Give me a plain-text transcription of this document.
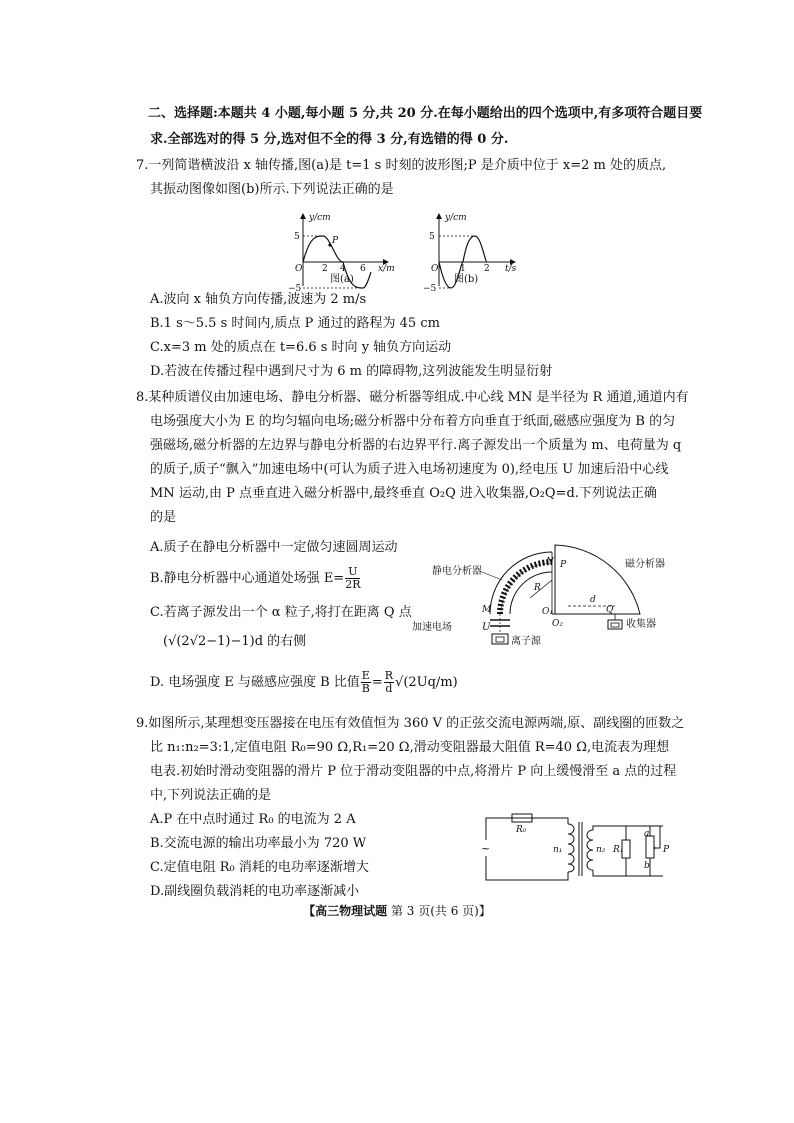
二、选择题:本题共 4 小题,每小题 5 分,共 20 分.在每小题给出的四个选项中,有多项符合题目要
求.全部选对的得 5 分,选对但不全的得 3 分,有选错的得 0 分.
7.一列简谐横波沿 x 轴传播,图(a)是 t=1 s 时刻的波形图;P 是介质中位于 x=2 m 处的质点,
其振动图像如图(b)所示.下列说法正确的是
y/cm
x/m
5
−5
O 2 4 6
P
图(a)
y/cm
t/s
5
−5
O 1 2
图(b)
A.波向 x 轴负方向传播,波速为 2 m/s
B.1 s～5.5 s 时间内,质点 P 通过的路程为 45 cm
C.x=3 m 处的质点在 t=6.6 s 时向 y 轴负方向运动
D.若波在传播过程中遇到尺寸为 6 m 的障碍物,这列波能发生明显衍射
8.某种质谱仪由加速电场、静电分析器、磁分析器等组成.中心线 MN 是半径为 R 通道,通道内有
电场强度大小为 E 的均匀辐向电场;磁分析器中分布着方向垂直于纸面,磁感应强度为 B 的匀
强磁场,磁分析器的左边界与静电分析器的右边界平行.离子源发出一个质量为 m、电荷量为 q
的质子,质子“飘入”加速电场中(可认为质子进入电场初速度为 0),经电压 U 加速后沿中心线
MN 运动,由 P 点垂直进入磁分析器中,最终垂直 O₂Q 进入收集器,O₂Q=d.下列说法正确
的是
A.质子在静电分析器中一定做匀速圆周运动
B.静电分析器中心通道处场强 $E= \frac{U}{2R}$
C.若离子源发出一个 α 粒子,将打在距离 Q 点
(√(2√2−1)−1)d 的右侧
D. 电场强度 E 与磁感应强度 B 比值 $\frac{E}{B} = \frac{R}{d} √(2Uq/m)$
静电分析器
磁分析器
加速电场	U
离子源
收集器
N P
M
R
O₁
O₂
Q
d
9.如图所示,某理想变压器接在电压有效值恒为 360 V 的正弦交流电源两端,原、副线圈的匝数之
比 n₁:n₂=3:1,定值电阻 R₀=90 Ω,R₁=20 Ω,滑动变阻器最大阻值 R=40 Ω,电流表为理想
电表.初始时滑动变阻器的滑片 P 位于滑动变阻器的中点,将滑片 P 向上缓慢滑至 a 点的过程
中,下列说法正确的是
A.P 在中点时通过 R₀ 的电流为 2 A
B.交流电源的输出功率最小为 720 W
C.定值电阻 R₀ 消耗的电功率逐渐增大
D.副线圈负载消耗的电功率逐渐减小
~
R₀
n₁	n₂ R₁
a
b
P
【高三物理试题 第 3 页(共 6 页)】
